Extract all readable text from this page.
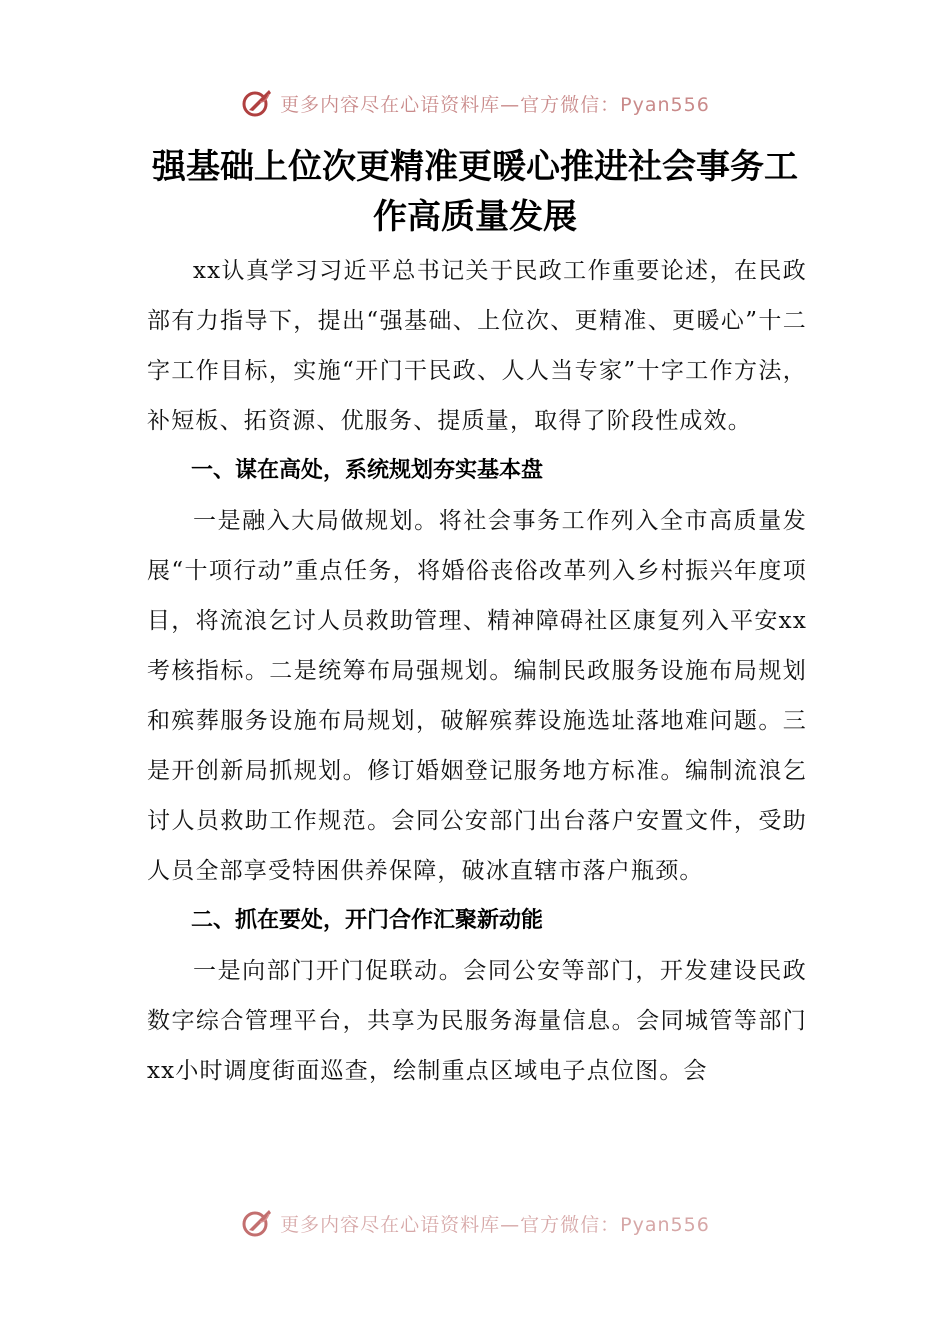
更多内容尽在心语资料库—官方微信：Pyan556
强基础上位次更精准更暖心推进社会事务工作高质量发展

xx认真学习习近平总书记关于民政工作重要论述，在民政部有力指导下，提出“强基础、上位次、更精准、更暖心”十二字工作目标，实施“开门干民政、人人当专家”十字工作方法，补短板、拓资源、优服务、提质量，取得了阶段性成效。

一、谋在高处，系统规划夯实基本盘

一是融入大局做规划。将社会事务工作列入全市高质量发展“十项行动”重点任务，将婚俗丧俗改革列入乡村振兴年度项目，将流浪乞讨人员救助管理、精神障碍社区康复列入平安xx考核指标。二是统筹布局强规划。编制民政服务设施布局规划和殡葬服务设施布局规划，破解殡葬设施选址落地难问题。三是开创新局抓规划。修订婚姻登记服务地方标准。编制流浪乞讨人员救助工作规范。会同公安部门出台落户安置文件，受助人员全部享受特困供养保障，破冰直辖市落户瓶颈。

二、抓在要处，开门合作汇聚新动能

一是向部门开门促联动。会同公安等部门，开发建设民政数字综合管理平台，共享为民服务海量信息。会同城管等部门xx小时调度街面巡查，绘制重点区域电子点位图。会

更多内容尽在心语资料库—官方微信：Pyan556
